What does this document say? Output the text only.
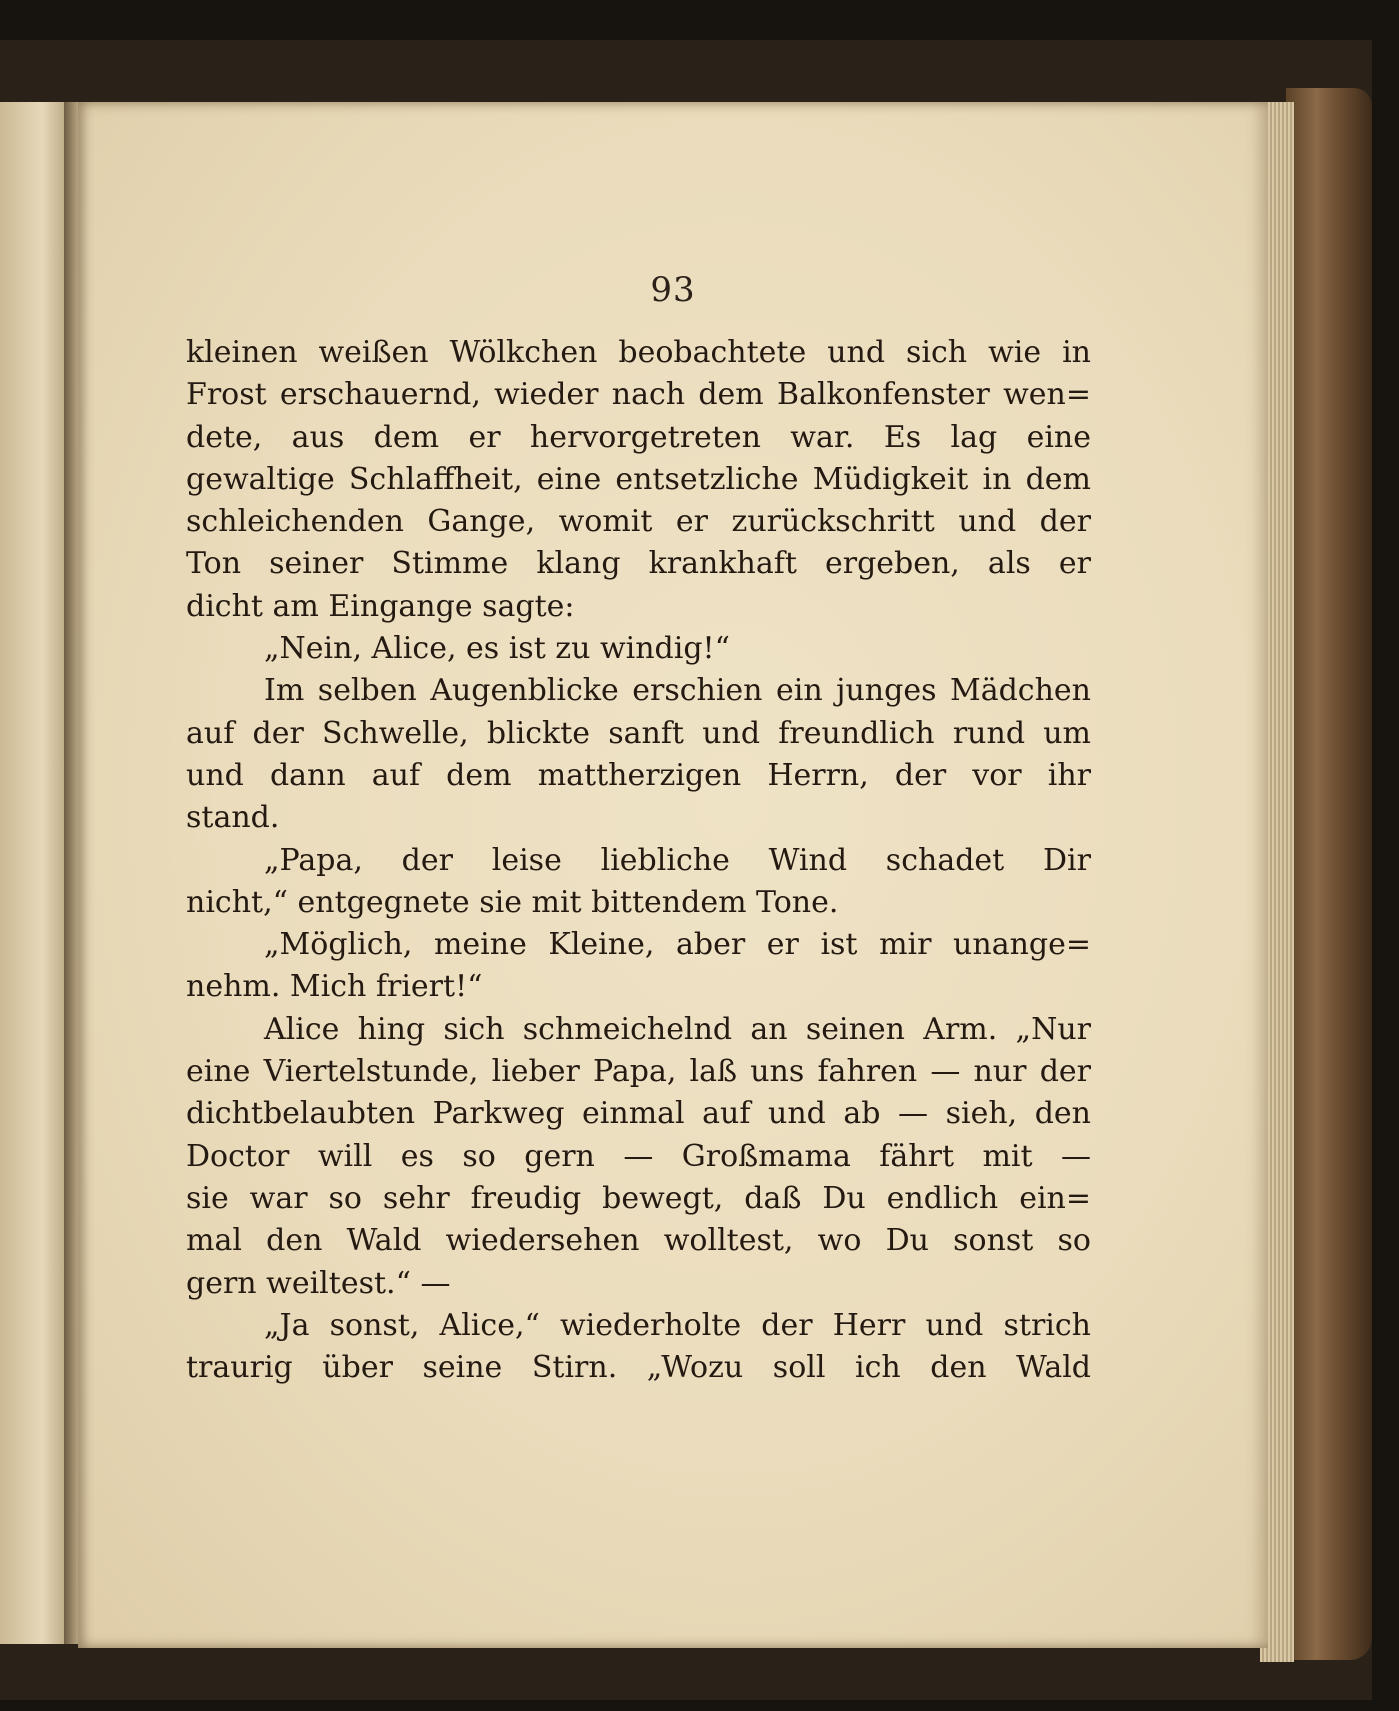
93
kleinen weißen Wölkchen beobachtete und sich wie in
Frost erschauernd, wieder nach dem Balkonfenster wen=
dete, aus dem er hervorgetreten war. Es lag eine
gewaltige Schlaffheit, eine entsetzliche Müdigkeit in dem
schleichenden Gange, womit er zurückschritt und der
Ton seiner Stimme klang krankhaft ergeben, als er
dicht am Eingange sagte:
„Nein, Alice, es ist zu windig!“
Im selben Augenblicke erschien ein junges Mädchen
auf der Schwelle, blickte sanft und freundlich rund um
und dann auf dem mattherzigen Herrn, der vor ihr
stand.
„Papa, der leise liebliche Wind schadet Dir
nicht,“ entgegnete sie mit bittendem Tone.
„Möglich, meine Kleine, aber er ist mir unange=
nehm. Mich friert!“
Alice hing sich schmeichelnd an seinen Arm. „Nur
eine Viertelstunde, lieber Papa, laß uns fahren — nur der
dichtbelaubten Parkweg einmal auf und ab — sieh, den
Doctor will es so gern — Großmama fährt mit —
sie war so sehr freudig bewegt, daß Du endlich ein=
mal den Wald wiedersehen wolltest, wo Du sonst so
gern weiltest.“ —
„Ja sonst, Alice,“ wiederholte der Herr und strich
traurig über seine Stirn. „Wozu soll ich den Wald
